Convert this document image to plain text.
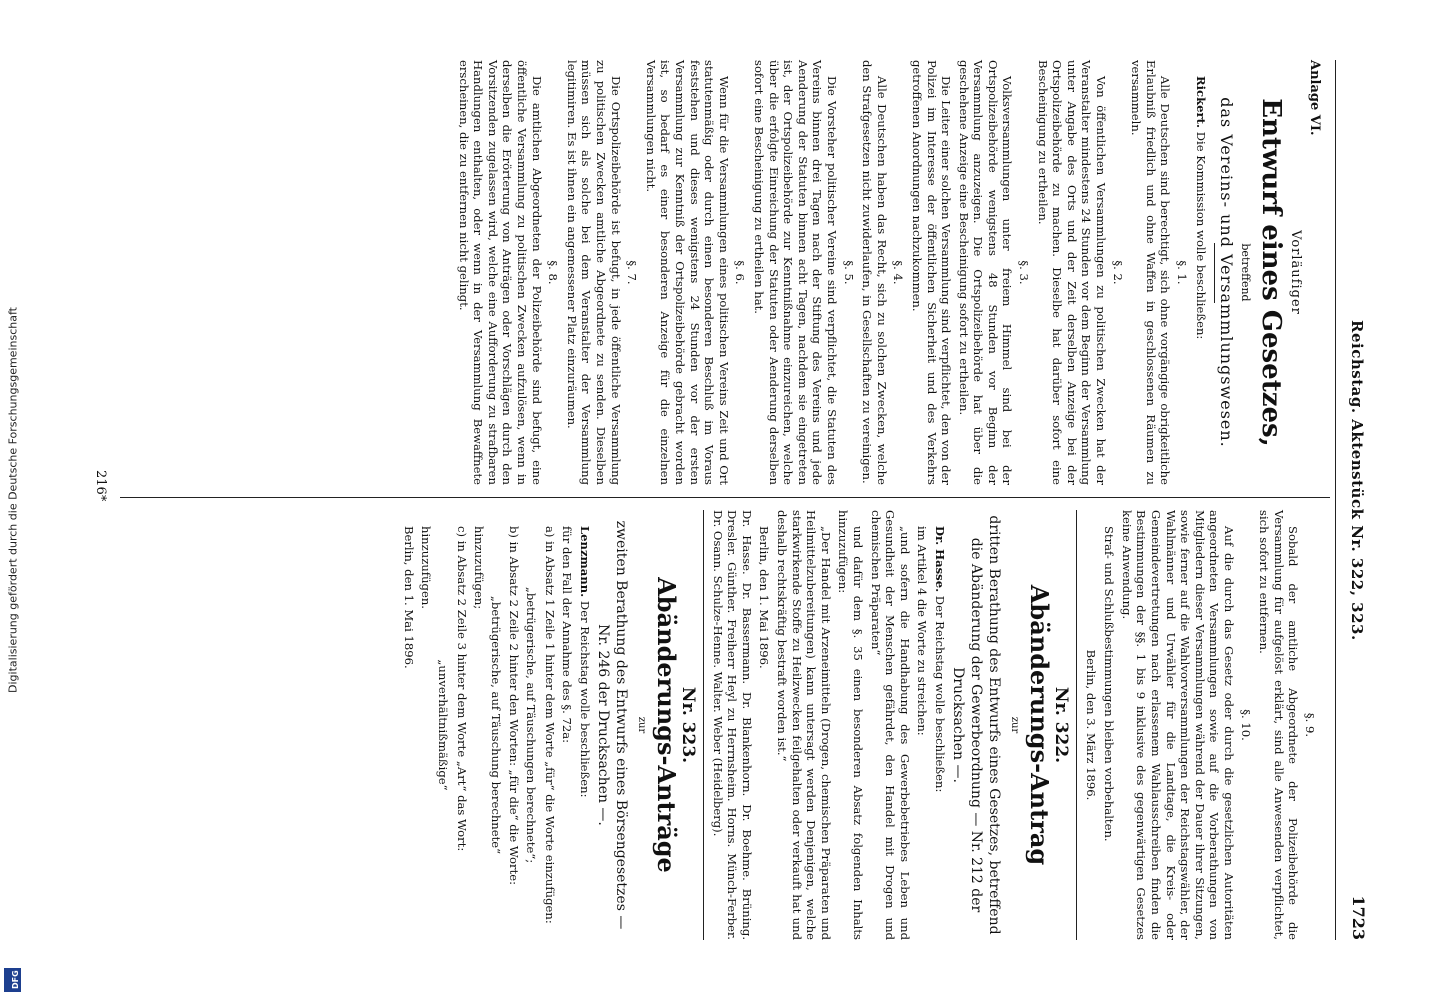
Digitalisierung gefördert durch die Deutsche Forschungsgemeinschaft
DFG
Reichstag. Aktenstück Nr. 322, 323.
1723
Anlage VI.
Vorläufiger
Entwurf eines Gesetzes,
betreffend
das Vereins- und Versammlungswesen.

Rickert. Die Kommission wolle beschließen:

§. 1.

Alle Deutschen sind berechtigt, sich ohne vorgängige obrigkeitliche Erlaubniß friedlich und ohne Waffen in geschlossenen Räumen zu versammeln.

§. 2.

Von öffentlichen Versammlungen zu politischen Zwecken hat der Veranstalter mindestens 24 Stunden vor dem Beginn der Versammlung unter Angabe des Orts und der Zeit derselben Anzeige bei der Ortspolizeibehörde zu machen. Dieselbe hat darüber sofort eine Bescheinigung zu ertheilen.

§. 3.

Volksversammlungen unter freiem Himmel sind bei der Ortspolizeibehörde wenigstens 48 Stunden vor Beginn der Versammlung anzuzeigen. Die Ortspolizeibehörde hat über die geschehene Anzeige eine Bescheinigung sofort zu ertheilen.

Die Leiter einer solchen Versammlung sind verpflichtet, den von der Polizei im Interesse der öffentlichen Sicherheit und des Verkehrs getroffenen Anordnungen nachzukommen.

§. 4.

Alle Deutschen haben das Recht, sich zu solchen Zwecken, welche den Strafgesetzen nicht zuwiderlaufen, in Gesellschaften zu vereinigen.

§. 5.

Die Vorsteher politischer Vereine sind verpflichtet, die Statuten des Vereins binnen drei Tagen nach der Stiftung des Vereins und jede Aenderung der Statuten binnen acht Tagen, nachdem sie eingetreten ist, der Ortspolizeibehörde zur Kenntnißnahme einzureichen, welche über die erfolgte Einreichung der Statuten oder Aenderung derselben sofort eine Bescheinigung zu ertheilen hat.

§. 6.

Wenn für die Versammlungen eines politischen Vereins Zeit und Ort statutenmäßig oder durch einen besonderen Beschluß im Voraus feststehen und dieses wenigstens 24 Stunden vor der ersten Versammlung zur Kenntniß der Ortspolizeibehörde gebracht worden ist, so bedarf es einer besonderen Anzeige für die einzelnen Versammlungen nicht.

§. 7.

Die Ortspolizeibehörde ist befugt, in jede öffentliche Versammlung zu politischen Zwecken amtliche Abgeordnete zu senden. Dieselben müssen sich als solche bei dem Veranstalter der Versammlung legitimiren. Es ist ihnen ein angemessener Platz einzuräumen.

§. 8.

Die amtlichen Abgeordneten der Polizeibehörde sind befugt, eine öffentliche Versammlung zu politischen Zwecken aufzulösen, wenn in derselben die Erörterung von Anträgen oder Vorschlägen durch den Vorsitzenden zugelassen wird, welche eine Aufforderung zu strafbaren Handlungen enthalten, oder wenn in der Versammlung Bewaffnete erscheinen, die zu entfernen nicht gelingt.

§. 9.

Sobald der amtliche Abgeordnete der Polizeibehörde die Versammlung für aufgelöst erklärt, sind alle Anwesenden verpflichtet, sich sofort zu entfernen.

§. 10.

Auf die durch das Gesetz oder durch die gesetzlichen Autoritäten angeordneten Versammlungen sowie auf die Vorberathungen von Mitgliedern dieser Versammlungen während der Dauer ihrer Sitzungen, sowie ferner auf die Wahlvorversammlungen der Reichstagswähler, der Wahlmänner und Urwähler für die Landtage, die Kreis- oder Gemeindevertretungen nach erlassenem Wahlausschreiben finden die Bestimmungen der §§. 1 bis 9 inklusive des gegenwärtigen Gesetzes keine Anwendung.

Straf- und Schlußbestimmungen bleiben vorbehalten.

Berlin, den 3. März 1896.

Nr. 322.
Abänderungs-Antrag
zur

dritten Berathung des Entwurfs eines Gesetzes, betreffend die Abänderung der Gewerbeordnung — Nr. 212 der Drucksachen —.

Dr. Hasse. Der Reichstag wolle beschließen:

im Artikel 4 die Worte zu streichen:

„und sofern die Handhabung des Gewerbebetriebes Leben und Gesundheit der Menschen gefährdet, den Handel mit Drogen und chemischen Präparaten“

und dafür dem §. 35 einen besonderen Absatz folgenden Inhalts hinzuzufügen:

„Der Handel mit Arzeneimitteln (Drogen, chemischen Präparaten und Heilmittelzubereitungen) kann untersagt werden Denjenigen, welche starkwirkende Stoffe zu Heilzwecken feilgehalten oder verkauft hat und deshalb rechtskräftig bestraft worden ist.“

Berlin, den 1. Mai 1896.

Dr. Hasse. Dr. Bassermann. Dr. Blankenhorn. Dr. Boehme. Brüning. Dresler. Günther. Freiherr Heyl zu Herrnsheim. Horns. Münch-Ferber. Dr. Osann. Schulze-Henne. Walter. Weber (Heidelberg).

Nr. 323.
Abänderungs-Anträge
zur

zweiten Berathung des Entwurfs eines Börsengesetzes — Nr. 246 der Drucksachen —.

Lenzmann. Der Reichstag wolle beschließen:

für den Fall der Annahme des §. 72a:

a) in Absatz 1 Zeile 1 hinter dem Worte „für“ die Worte einzufügen:

„betrügerische, auf Täuschungen berechnete“;

b) in Absatz 2 Zeile 2 hinter den Worten: „für die“ die Worte:

„betrügerische, auf Täuschung berechnete“

hinzuzufügen;

c) in Absatz 2 Zeile 3 hinter dem Worte „Art“ das Wort:

„unverhältnißmäßige“

hinzuzufügen.

Berlin, den 1. Mai 1896.

216*
